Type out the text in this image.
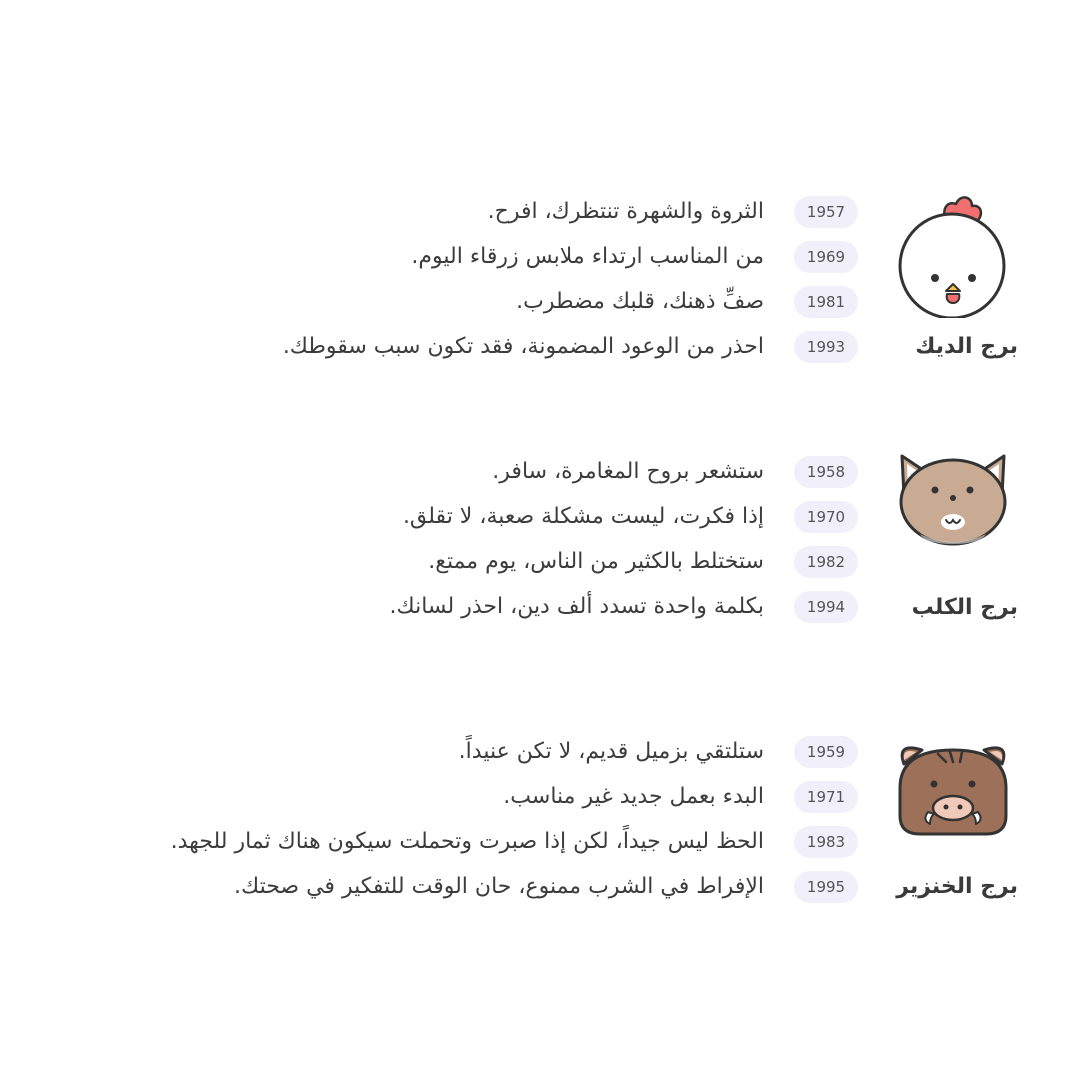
برج الديك
1957
الثروة والشهرة تنتظرك، افرح.
1969
من المناسب ارتداء ملابس زرقاء اليوم.
1981
صفِّ ذهنك، قلبك مضطرب.
1993
احذر من الوعود المضمونة، فقد تكون سبب سقوطك.
برج الكلب
1958
ستشعر بروح المغامرة، سافر.
1970
إذا فكرت، ليست مشكلة صعبة، لا تقلق.
1982
ستختلط بالكثير من الناس، يوم ممتع.
1994
بكلمة واحدة تسدد ألف دين، احذر لسانك.
برج الخنزير
1959
ستلتقي بزميل قديم، لا تكن عنيداً.
1971
البدء بعمل جديد غير مناسب.
1983
الحظ ليس جيداً، لكن إذا صبرت وتحملت سيكون هناك ثمار للجهد.
1995
الإفراط في الشرب ممنوع، حان الوقت للتفكير في صحتك.
